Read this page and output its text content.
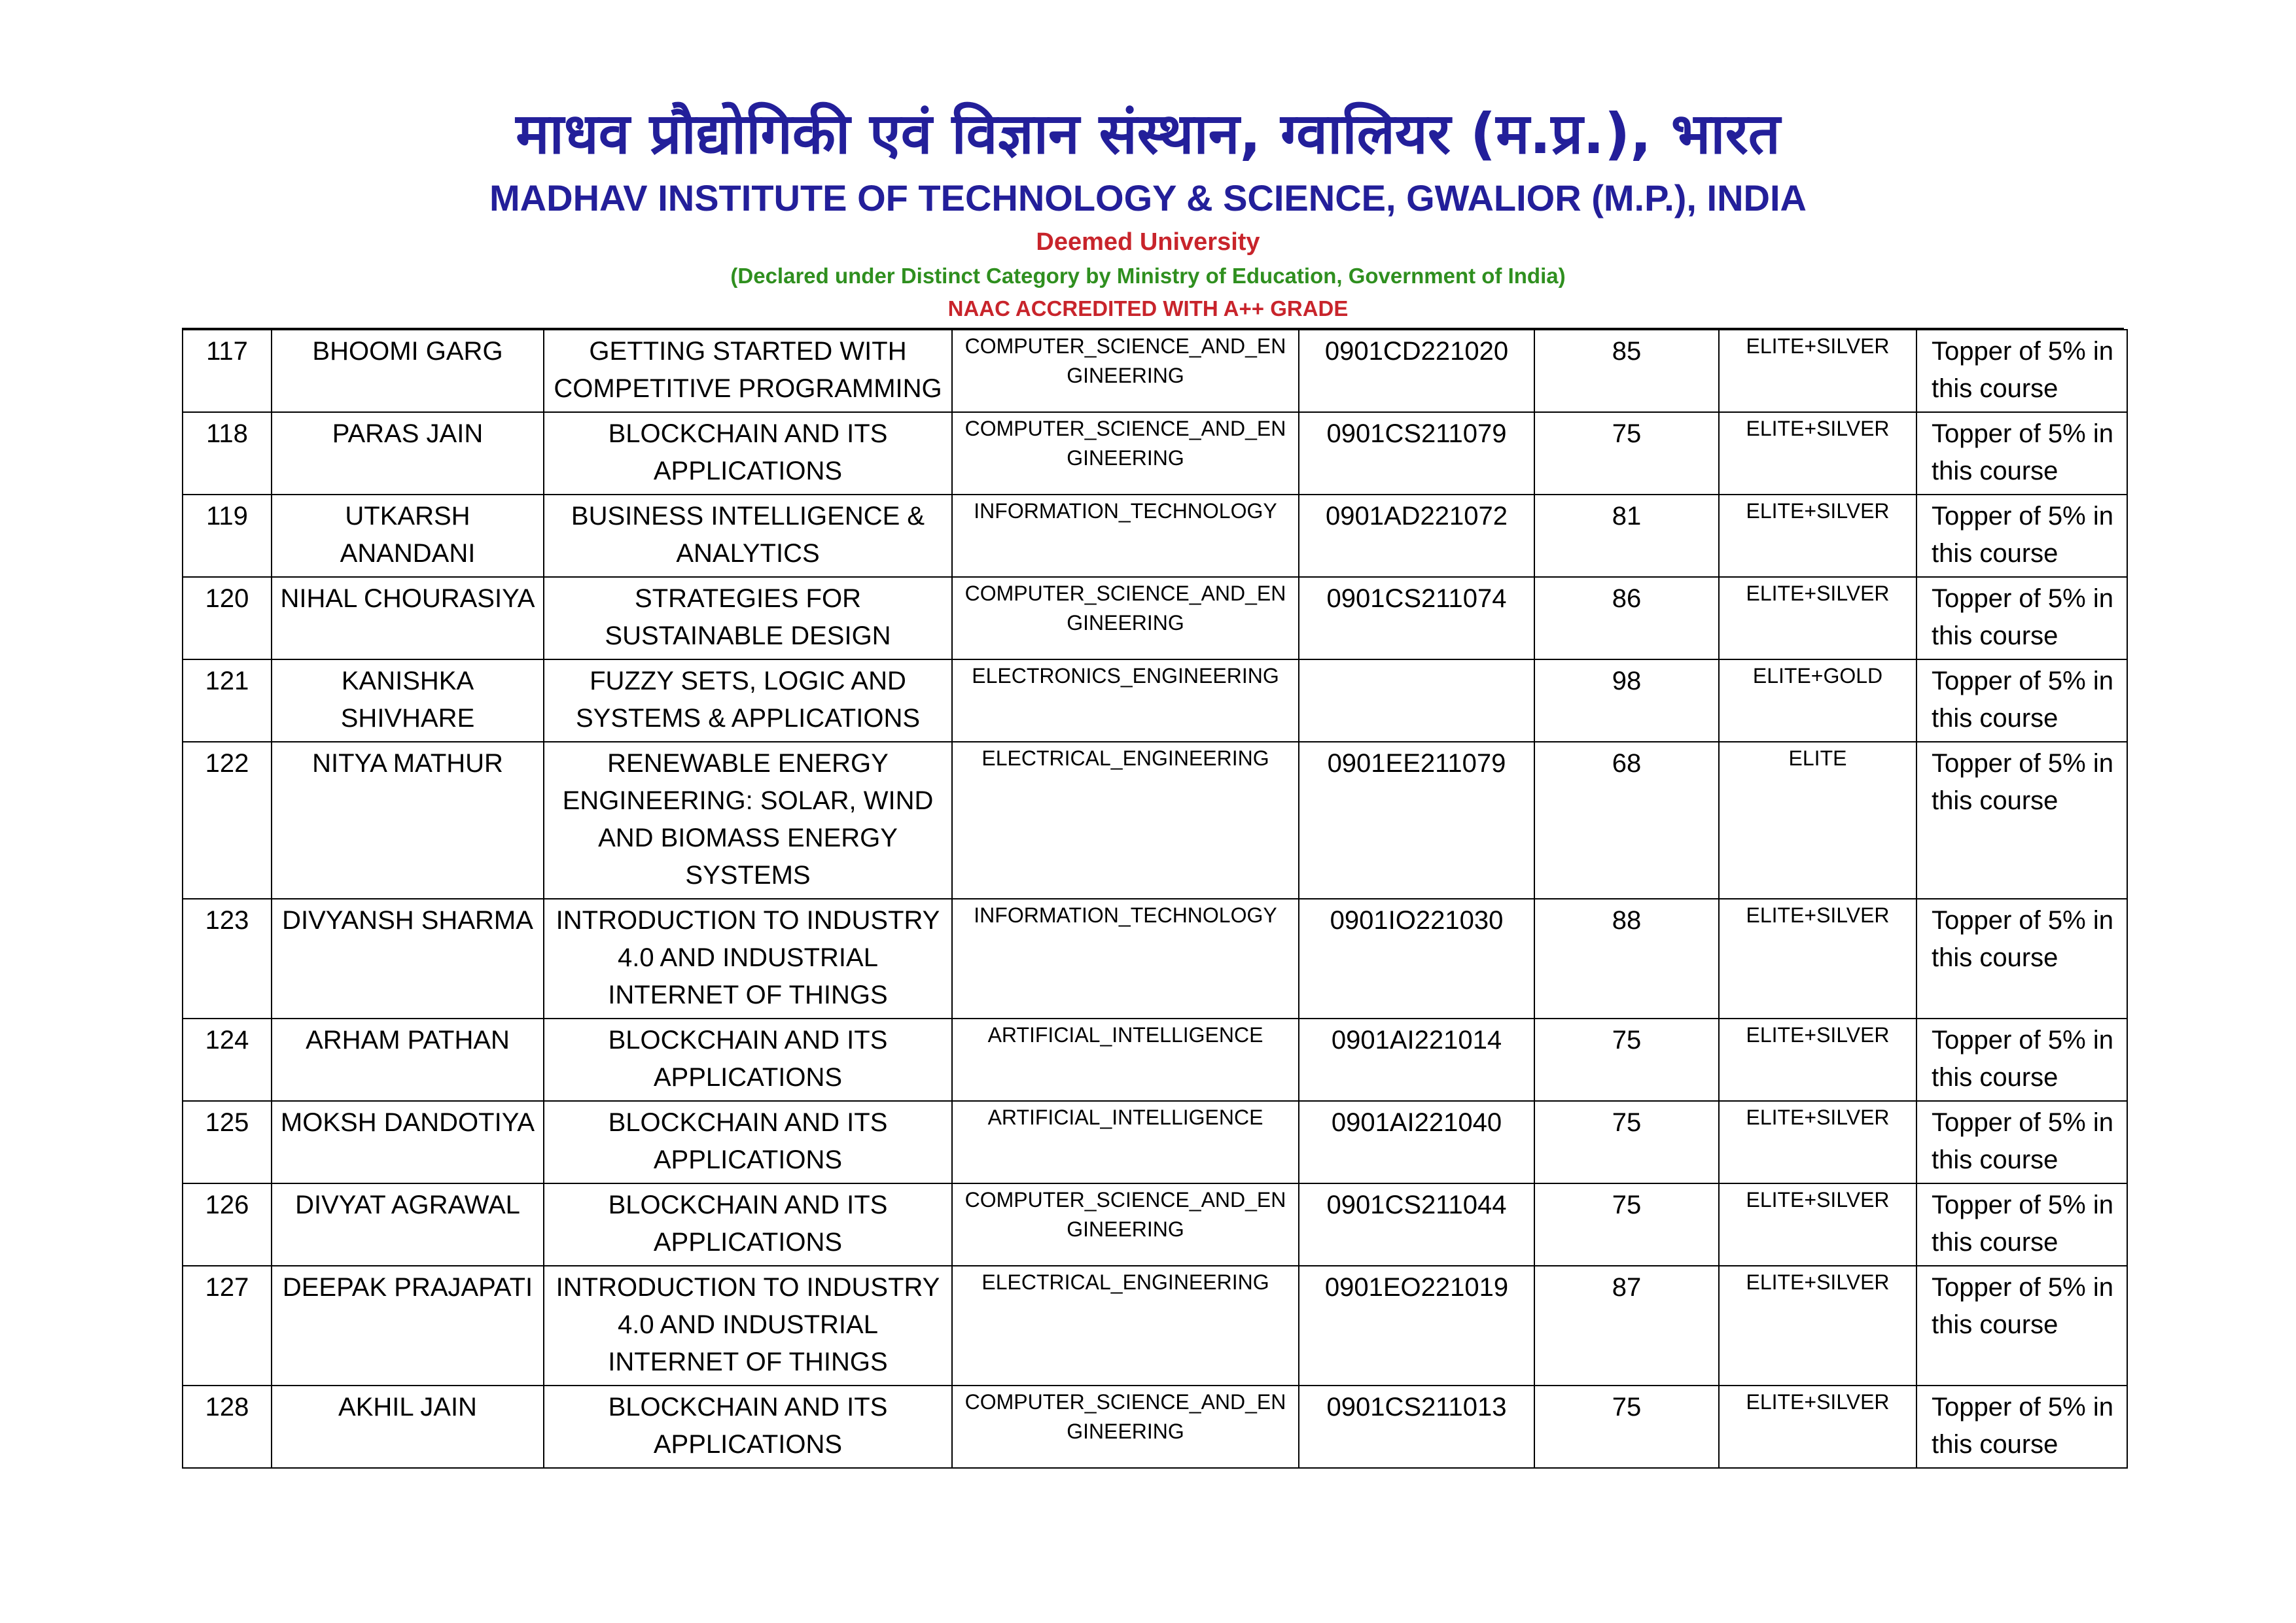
माधव प्रौद्योगिकी एवं विज्ञान संस्थान, ग्वालियर (म.प्र.), भारत
MADHAV INSTITUTE OF TECHNOLOGY & SCIENCE, GWALIOR (M.P.), INDIA
Deemed University
(Declared under Distinct Category by Ministry of Education, Government of India)
NAAC ACCREDITED WITH A++ GRADE
117	BHOOMI GARG	GETTING STARTED WITH COMPETITIVE PROGRAMMING	COMPUTER_SCIENCE_AND_ENGINEERING	0901CD221020	85	ELITE+SILVER	Topper of 5% in this course
118	PARAS JAIN	BLOCKCHAIN AND ITS APPLICATIONS	COMPUTER_SCIENCE_AND_ENGINEERING	0901CS211079	75	ELITE+SILVER	Topper of 5% in this course
119	UTKARSH ANANDANI	BUSINESS INTELLIGENCE & ANALYTICS	INFORMATION_TECHNOLOGY	0901AD221072	81	ELITE+SILVER	Topper of 5% in this course
120	NIHAL CHOURASIYA	STRATEGIES FOR SUSTAINABLE DESIGN	COMPUTER_SCIENCE_AND_ENGINEERING	0901CS211074	86	ELITE+SILVER	Topper of 5% in this course
121	KANISHKA SHIVHARE	FUZZY SETS, LOGIC AND SYSTEMS & APPLICATIONS	ELECTRONICS_ENGINEERING		98	ELITE+GOLD	Topper of 5% in this course
122	NITYA MATHUR	RENEWABLE ENERGY ENGINEERING: SOLAR, WIND AND BIOMASS ENERGY SYSTEMS	ELECTRICAL_ENGINEERING	0901EE211079	68	ELITE	Topper of 5% in this course
123	DIVYANSH SHARMA	INTRODUCTION TO INDUSTRY 4.0 AND INDUSTRIAL INTERNET OF THINGS	INFORMATION_TECHNOLOGY	0901IO221030	88	ELITE+SILVER	Topper of 5% in this course
124	ARHAM PATHAN	BLOCKCHAIN AND ITS APPLICATIONS	ARTIFICIAL_INTELLIGENCE	0901AI221014	75	ELITE+SILVER	Topper of 5% in this course
125	MOKSH DANDOTIYA	BLOCKCHAIN AND ITS APPLICATIONS	ARTIFICIAL_INTELLIGENCE	0901AI221040	75	ELITE+SILVER	Topper of 5% in this course
126	DIVYAT AGRAWAL	BLOCKCHAIN AND ITS APPLICATIONS	COMPUTER_SCIENCE_AND_ENGINEERING	0901CS211044	75	ELITE+SILVER	Topper of 5% in this course
127	DEEPAK PRAJAPATI	INTRODUCTION TO INDUSTRY 4.0 AND INDUSTRIAL INTERNET OF THINGS	ELECTRICAL_ENGINEERING	0901EO221019	87	ELITE+SILVER	Topper of 5% in this course
128	AKHIL JAIN	BLOCKCHAIN AND ITS APPLICATIONS	COMPUTER_SCIENCE_AND_ENGINEERING	0901CS211013	75	ELITE+SILVER	Topper of 5% in this course
